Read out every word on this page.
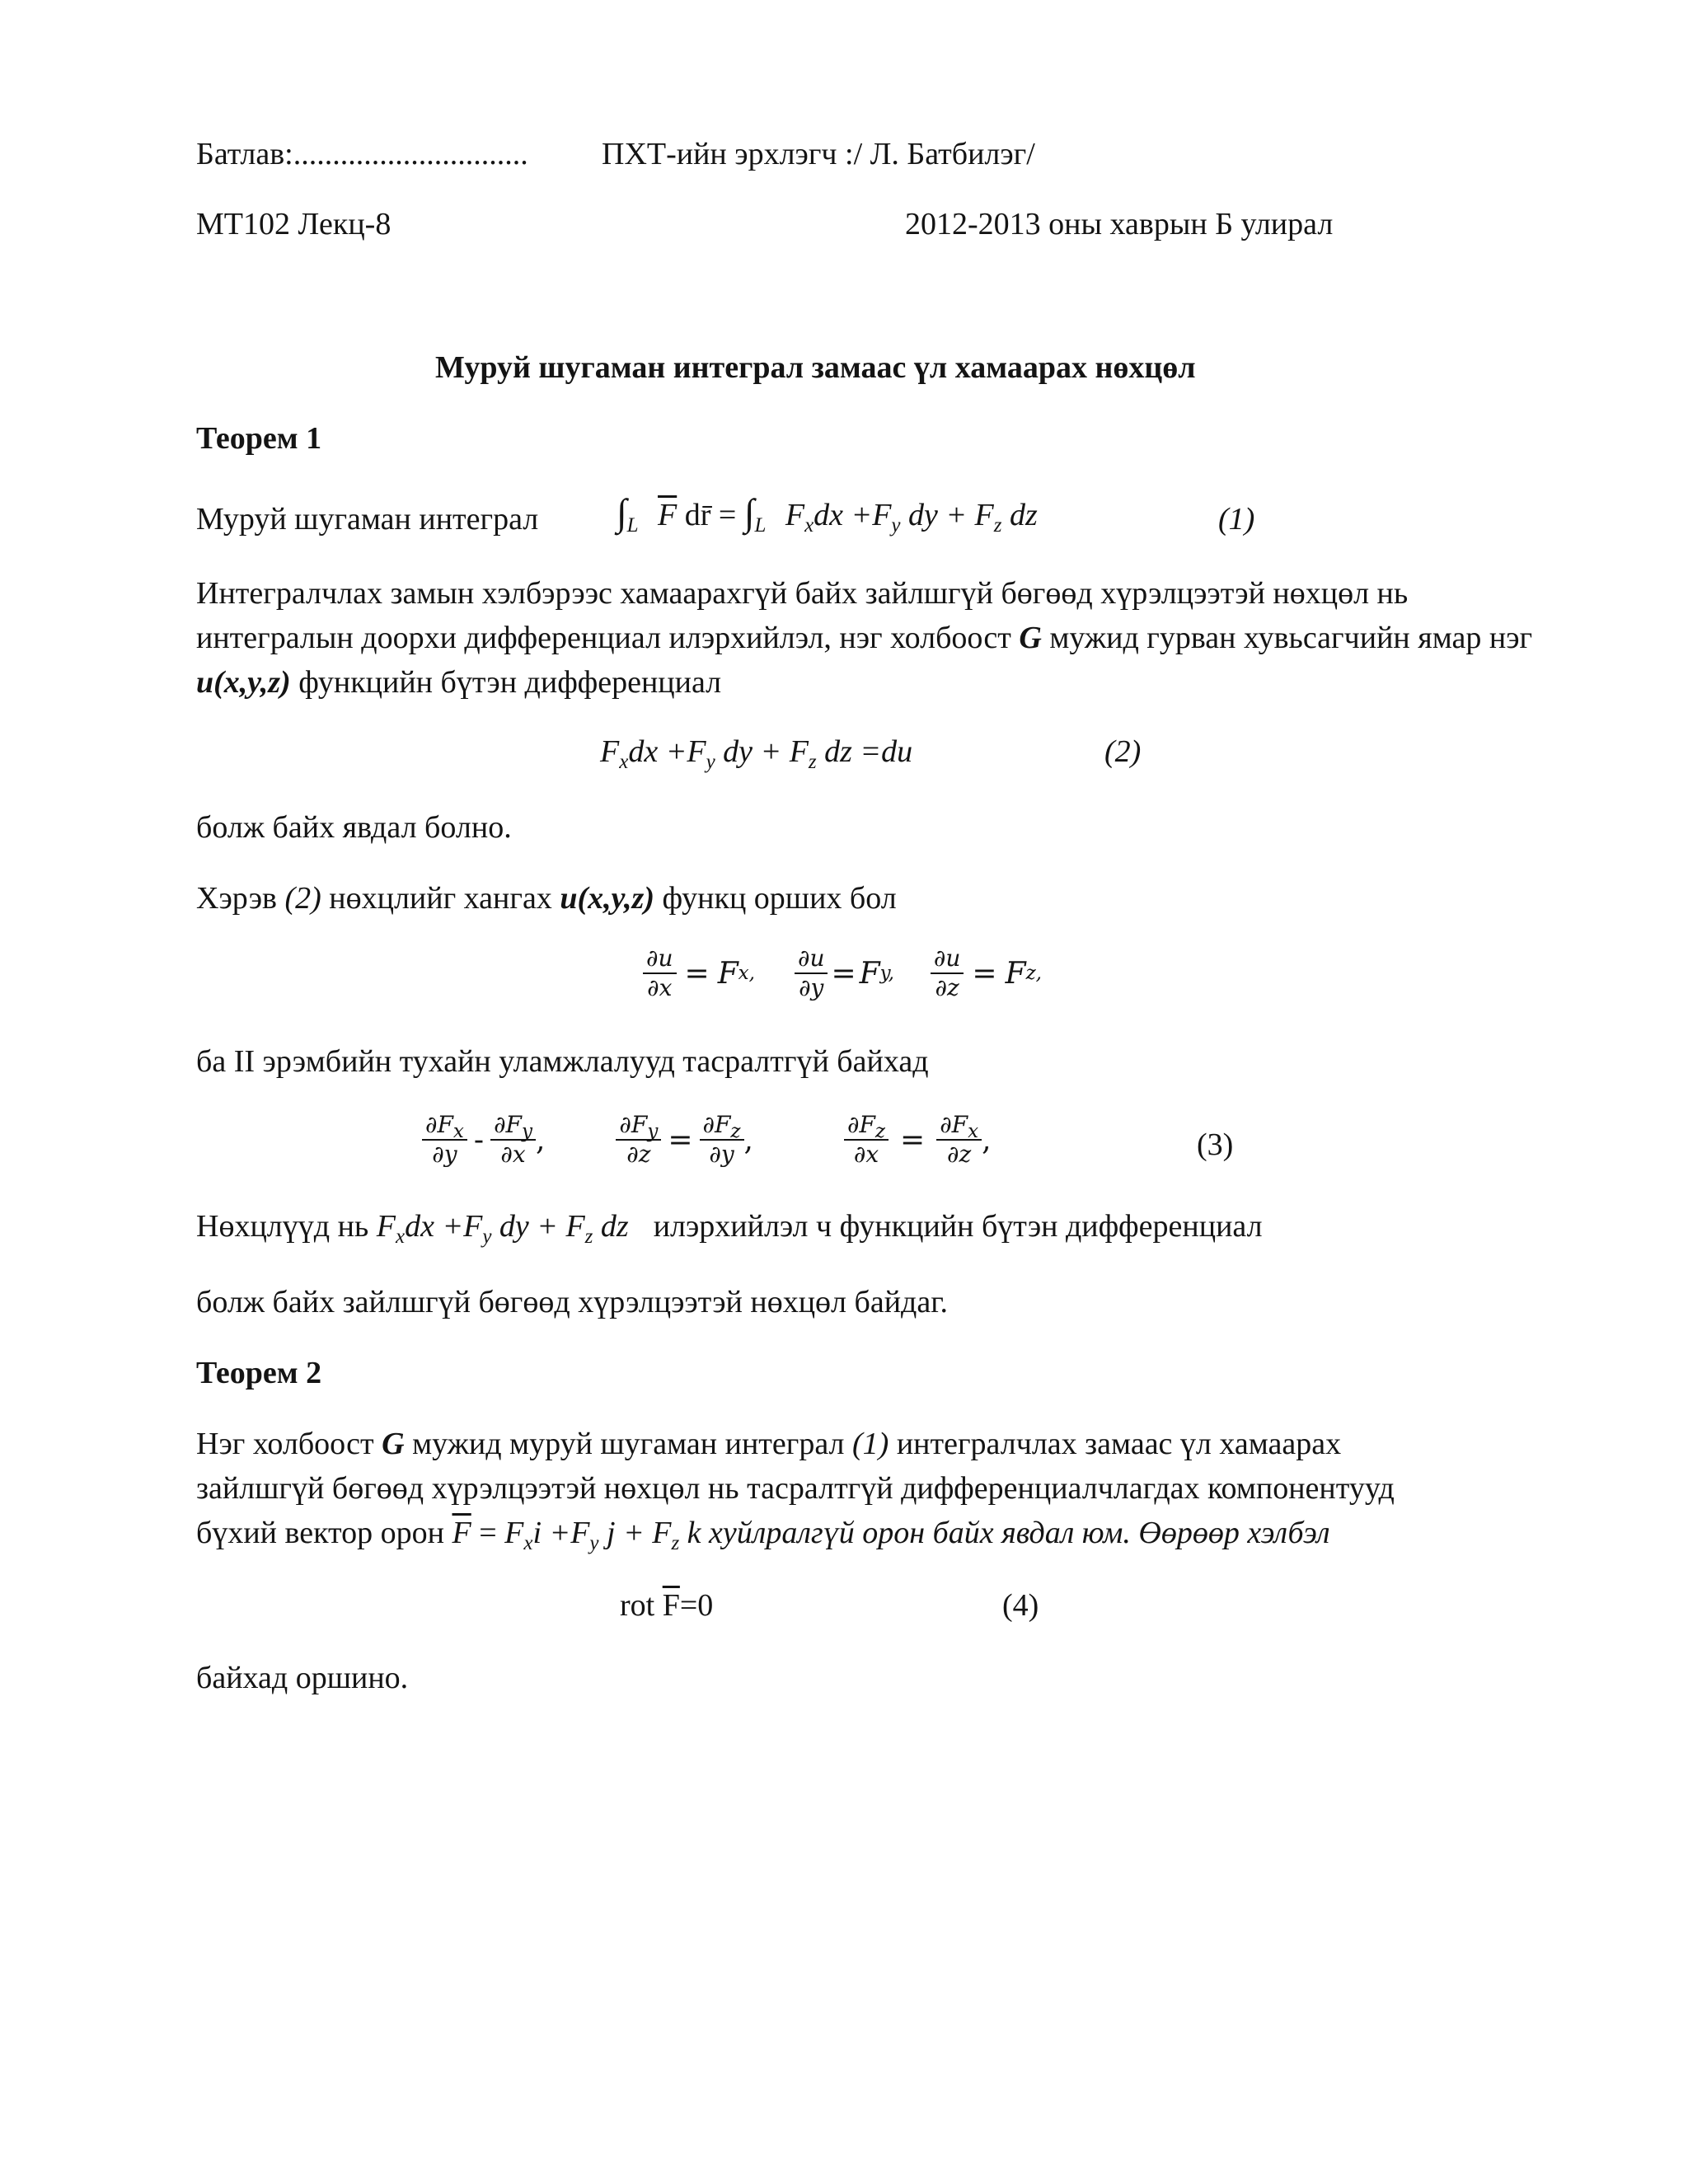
Батлав:.............................. ПХТ-ийн эрхлэгч :/ Л. Батбилэг/
МТ102 Лекц-8	2012-2013 оны хаврын Б улирал
Муруй шугаман интеграл замаас үл хамаарах нөхцөл
Теорем 1
Муруй шугаман интеграл $\int_L$ $\overline{F}$ dr̄ = $\int_L$ $F_xdx +F_y$ dy + $F_z$ dz	(1)
Интегралчлах замын хэлбэрээс хамаарахгүй байх зайлшгүй бөгөөд хүрэлцээтэй нөхцөл нь интегралын доорхи дифференциал илэрхийлэл, нэг холбоост G мужид гурван хувьсагчийн ямар нэг u(x,y,z) функцийн бүтэн дифференциал
$F_xdx +F_y$ dy + $F_z$ dz =du	(2)
болж байх явдал болно.
Хэрэв (2) нөхцлийг хангах u(x,y,z) функц орших бол
$\frac{\partial u}{\partial x} = F$ x, $\frac{\partial u}{\partial y} = F$ y, $\frac{\partial u}{\partial z} = F$ z,
ба II эрэмбийн тухайн уламжлалууд тасралтгүй байхад
$\frac{\partial F_x}{\partial y} - \frac{\partial F_y}{\partial x}$ ,	$\frac{\partial F_y}{\partial z} = \frac{\partial F_z}{\partial y}$ ,	$\frac{\partial F_z}{\partial x} = \frac{\partial F_x}{\partial z}$ ,	(3)
Нөхцлүүд нь $F_xdx +F_y$ dy + $F_z$ dz илэрхийлэл ч функцийн бүтэн дифференциал
болж байх зайлшгүй бөгөөд хүрэлцээтэй нөхцөл байдаг.
Теорем 2
Нэг холбоост G мужид муруй шугаман интеграл (1) интегралчлах замаас үл хамаарах
зайлшгүй бөгөөд хүрэлцээтэй нөхцөл нь тасралтгүй дифференциалчлагдах компонентууд
бүхий вектор орон $\overline{F} = F_xi +F_y$ $j + F_z$ k хуйлралгүй орон байх явдал юм. Өөрөөр хэлбэл
rot $\overline{F}=0$	(4)
байхад оршино.
